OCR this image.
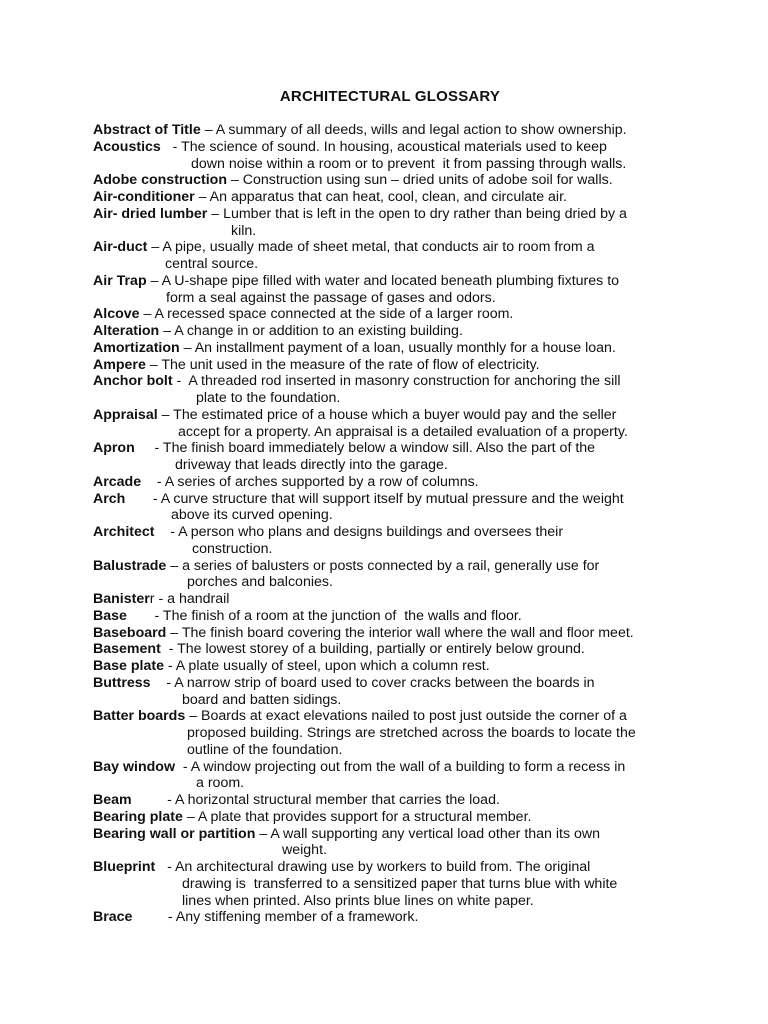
ARCHITECTURAL GLOSSARY
Abstract of Title – A summary of all deeds, wills and legal action to show ownership.
Acoustics   - The science of sound. In housing, acoustical materials used to keep
down noise within a room or to prevent  it from passing through walls.
Adobe construction – Construction using sun – dried units of adobe soil for walls.
Air-conditioner – An apparatus that can heat, cool, clean, and circulate air.
Air- dried lumber – Lumber that is left in the open to dry rather than being dried by a
kiln.
Air-duct – A pipe, usually made of sheet metal, that conducts air to room from a
central source.
Air Trap – A U-shape pipe filled with water and located beneath plumbing fixtures to
form a seal against the passage of gases and odors.
Alcove – A recessed space connected at the side of a larger room.
Alteration – A change in or addition to an existing building.
Amortization – An installment payment of a loan, usually monthly for a house loan.
Ampere – The unit used in the measure of the rate of flow of electricity.
Anchor bolt -  A threaded rod inserted in masonry construction for anchoring the sill
plate to the foundation.
Appraisal – The estimated price of a house which a buyer would pay and the seller
accept for a property. An appraisal is a detailed evaluation of a property.
Apron     - The finish board immediately below a window sill. Also the part of the
driveway that leads directly into the garage.
Arcade    - A series of arches supported by a row of columns.
Arch       - A curve structure that will support itself by mutual pressure and the weight
above its curved opening.
Architect    - A person who plans and designs buildings and oversees their
construction.
Balustrade – a series of balusters or posts connected by a rail, generally use for
porches and balconies.
Banisterr - a handrail
Base       - The finish of a room at the junction of  the walls and floor.
Baseboard – The finish board covering the interior wall where the wall and floor meet.
Basement  - The lowest storey of a building, partially or entirely below ground.
Base plate - A plate usually of steel, upon which a column rest.
Buttress    - A narrow strip of board used to cover cracks between the boards in
board and batten sidings.
Batter boards – Boards at exact elevations nailed to post just outside the corner of a
proposed building. Strings are stretched across the boards to locate the
outline of the foundation.
Bay window  - A window projecting out from the wall of a building to form a recess in
a room.
Beam         - A horizontal structural member that carries the load.
Bearing plate – A plate that provides support for a structural member.
Bearing wall or partition – A wall supporting any vertical load other than its own
weight.
Blueprint   - An architectural drawing use by workers to build from. The original
drawing is  transferred to a sensitized paper that turns blue with white
lines when printed. Also prints blue lines on white paper.
Brace         - Any stiffening member of a framework.
